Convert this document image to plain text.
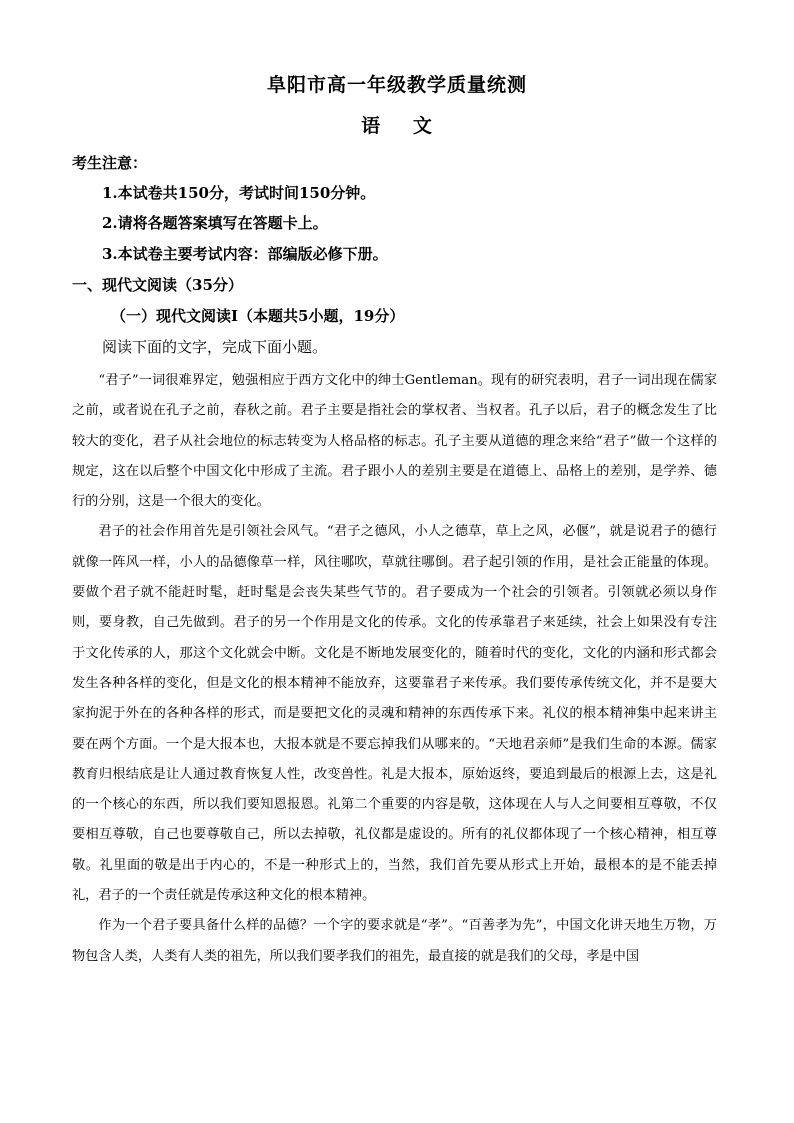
阜阳市高一年级教学质量统测
语 文
考生注意：
1.本试卷共150分，考试时间150分钟。
2.请将各题答案填写在答题卡上。
3.本试卷主要考试内容：部编版必修下册。
一、现代文阅读（35分）
（一）现代文阅读Ⅰ（本题共5小题，19分）
阅读下面的文字，完成下面小题。

“君子”一词很难界定，勉强相应于西方文化中的绅士Gentleman。现有的研究表明，君子一词出现在儒家之前，或者说在孔子之前，春秋之前。君子主要是指社会的掌权者、当权者。孔子以后，君子的概念发生了比较大的变化，君子从社会地位的标志转变为人格品格的标志。孔子主要从道德的理念来给“君子”做一个这样的规定，这在以后整个中国文化中形成了主流。君子跟小人的差别主要是在道德上、品格上的差别，是学养、德行的分别，这是一个很大的变化。

君子的社会作用首先是引领社会风气。“君子之德风，小人之德草，草上之风，必偃”，就是说君子的德行就像一阵风一样，小人的品德像草一样，风往哪吹，草就往哪倒。君子起引领的作用，是社会正能量的体现。要做个君子就不能赶时髦，赶时髦是会丧失某些气节的。君子要成为一个社会的引领者。引领就必须以身作则，要身教，自己先做到。君子的另一个作用是文化的传承。文化的传承靠君子来延续，社会上如果没有专注于文化传承的人，那这个文化就会中断。文化是不断地发展变化的，随着时代的变化，文化的内涵和形式都会发生各种各样的变化，但是文化的根本精神不能放弃，这要靠君子来传承。我们要传承传统文化，并不是要大家拘泥于外在的各种各样的形式，而是要把文化的灵魂和精神的东西传承下来。礼仪的根本精神集中起来讲主要在两个方面。一个是大报本也，大报本就是不要忘掉我们从哪来的。“天地君亲师”是我们生命的本源。儒家教育归根结底是让人通过教育恢复人性，改变兽性。礼是大报本，原始返终，要追到最后的根源上去，这是礼的一个核心的东西，所以我们要知恩报恩。礼第二个重要的内容是敬，这体现在人与人之间要相互尊敬，不仅要相互尊敬，自己也要尊敬自己，所以去掉敬，礼仪都是虚设的。所有的礼仪都体现了一个核心精神，相互尊敬。礼里面的敬是出于内心的，不是一种形式上的，当然，我们首先要从形式上开始，最根本的是不能丢掉礼，君子的一个责任就是传承这种文化的根本精神。

作为一个君子要具备什么样的品德？一个字的要求就是“孝”。“百善孝为先”，中国文化讲天地生万物，万物包含人类，人类有人类的祖先，所以我们要孝我们的祖先，最直接的就是我们的父母，孝是中国
